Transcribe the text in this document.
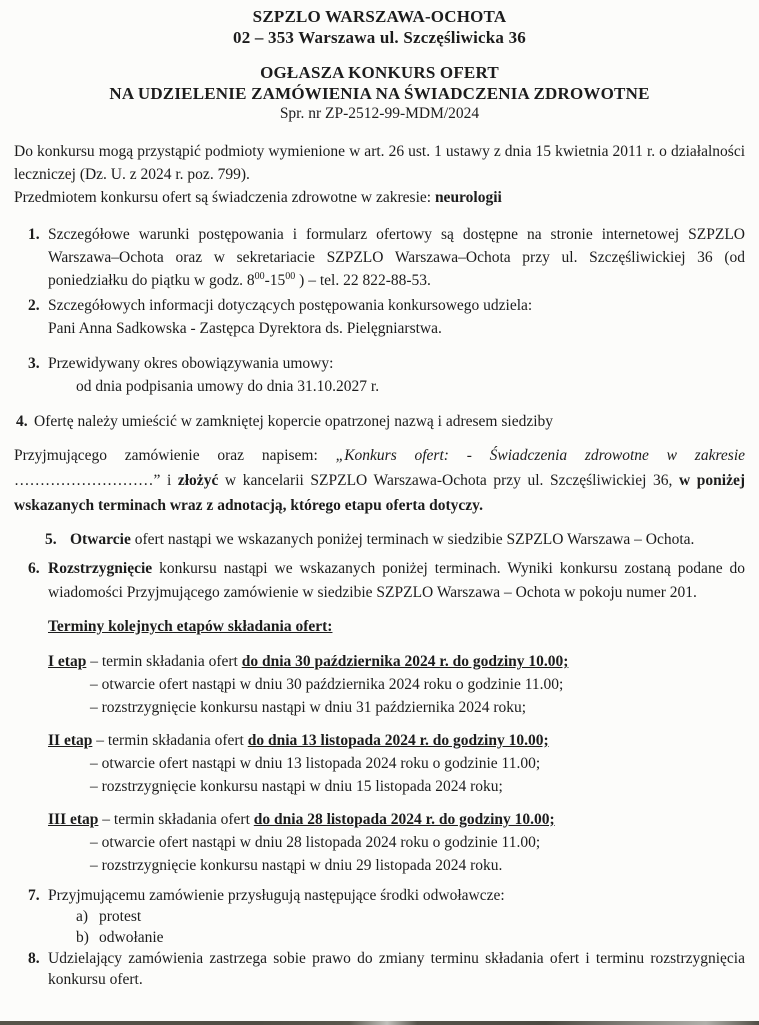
SZPZLO WARSZAWA-OCHOTA
02 – 353 Warszawa ul. Szczęśliwicka 36
OGŁASZA KONKURS OFERT
NA UDZIELENIE ZAMÓWIENIA NA ŚWIADCZENIA ZDROWOTNE
Spr. nr ZP-2512-99-MDM/2024

Do konkursu mogą przystąpić podmioty wymienione w art. 26 ust. 1 ustawy z dnia 15 kwietnia 2011 r. o działalności leczniczej (Dz. U. z 2024 r. poz. 799).

Przedmiotem konkursu ofert są świadczenia zdrowotne w zakresie: neurologii

1. Szczegółowe warunki postępowania i formularz ofertowy są dostępne na stronie internetowej SZPZLO Warszawa–Ochota oraz w sekretariacie SZPZLO Warszawa–Ochota przy ul. Szczęśliwickiej 36 (od poniedziałku do piątku w godz. $8^{00}-15^{00}$ ) – tel. 22 822-88-53.
2. Szczegółowych informacji dotyczących postępowania konkursowego udziela:
Pani Anna Sadkowska - Zastępca Dyrektora ds. Pielęgniarstwa.
3. Przewidywany okres obowiązywania umowy:
od dnia podpisania umowy do dnia 31.10.2027 r.
4. Ofertę należy umieścić w zamkniętej kopercie opatrzonej nazwą i adresem siedziby

Przyjmującego zamówienie oraz napisem: „Konkurs ofert: - Świadczenia zdrowotne w zakresie ………………………” i złożyć w kancelarii SZPZLO Warszawa-Ochota przy ul. Szczęśliwickiej 36, w poniżej wskazanych terminach wraz z adnotacją, którego etapu oferta dotyczy.

5. Otwarcie ofert nastąpi we wskazanych poniżej terminach w siedzibie SZPZLO Warszawa – Ochota.
6. Rozstrzygnięcie konkursu nastąpi we wskazanych poniżej terminach. Wyniki konkursu zostaną podane do wiadomości Przyjmującego zamówienie w siedzibie SZPZLO Warszawa – Ochota w pokoju numer 201.
Terminy kolejnych etapów składania ofert:
I etap – termin składania ofert do dnia 30 października 2024 r. do godziny 10.00;
– otwarcie ofert nastąpi w dniu 30 października 2024 roku o godzinie 11.00;
– rozstrzygnięcie konkursu nastąpi w dniu 31 października 2024 roku;
II etap – termin składania ofert do dnia 13 listopada 2024 r. do godziny 10.00;
– otwarcie ofert nastąpi w dniu 13 listopada 2024 roku o godzinie 11.00;
– rozstrzygnięcie konkursu nastąpi w dniu 15 listopada 2024 roku;
III etap – termin składania ofert do dnia 28 listopada 2024 r. do godziny 10.00;
– otwarcie ofert nastąpi w dniu 28 listopada 2024 roku o godzinie 11.00;
– rozstrzygnięcie konkursu nastąpi w dniu 29 listopada 2024 roku.
7. Przyjmującemu zamówienie przysługują następujące środki odwoławcze:
a) protest
b) odwołanie
8. Udzielający zamówienia zastrzega sobie prawo do zmiany terminu składania ofert i terminu rozstrzygnięcia konkursu ofert.
